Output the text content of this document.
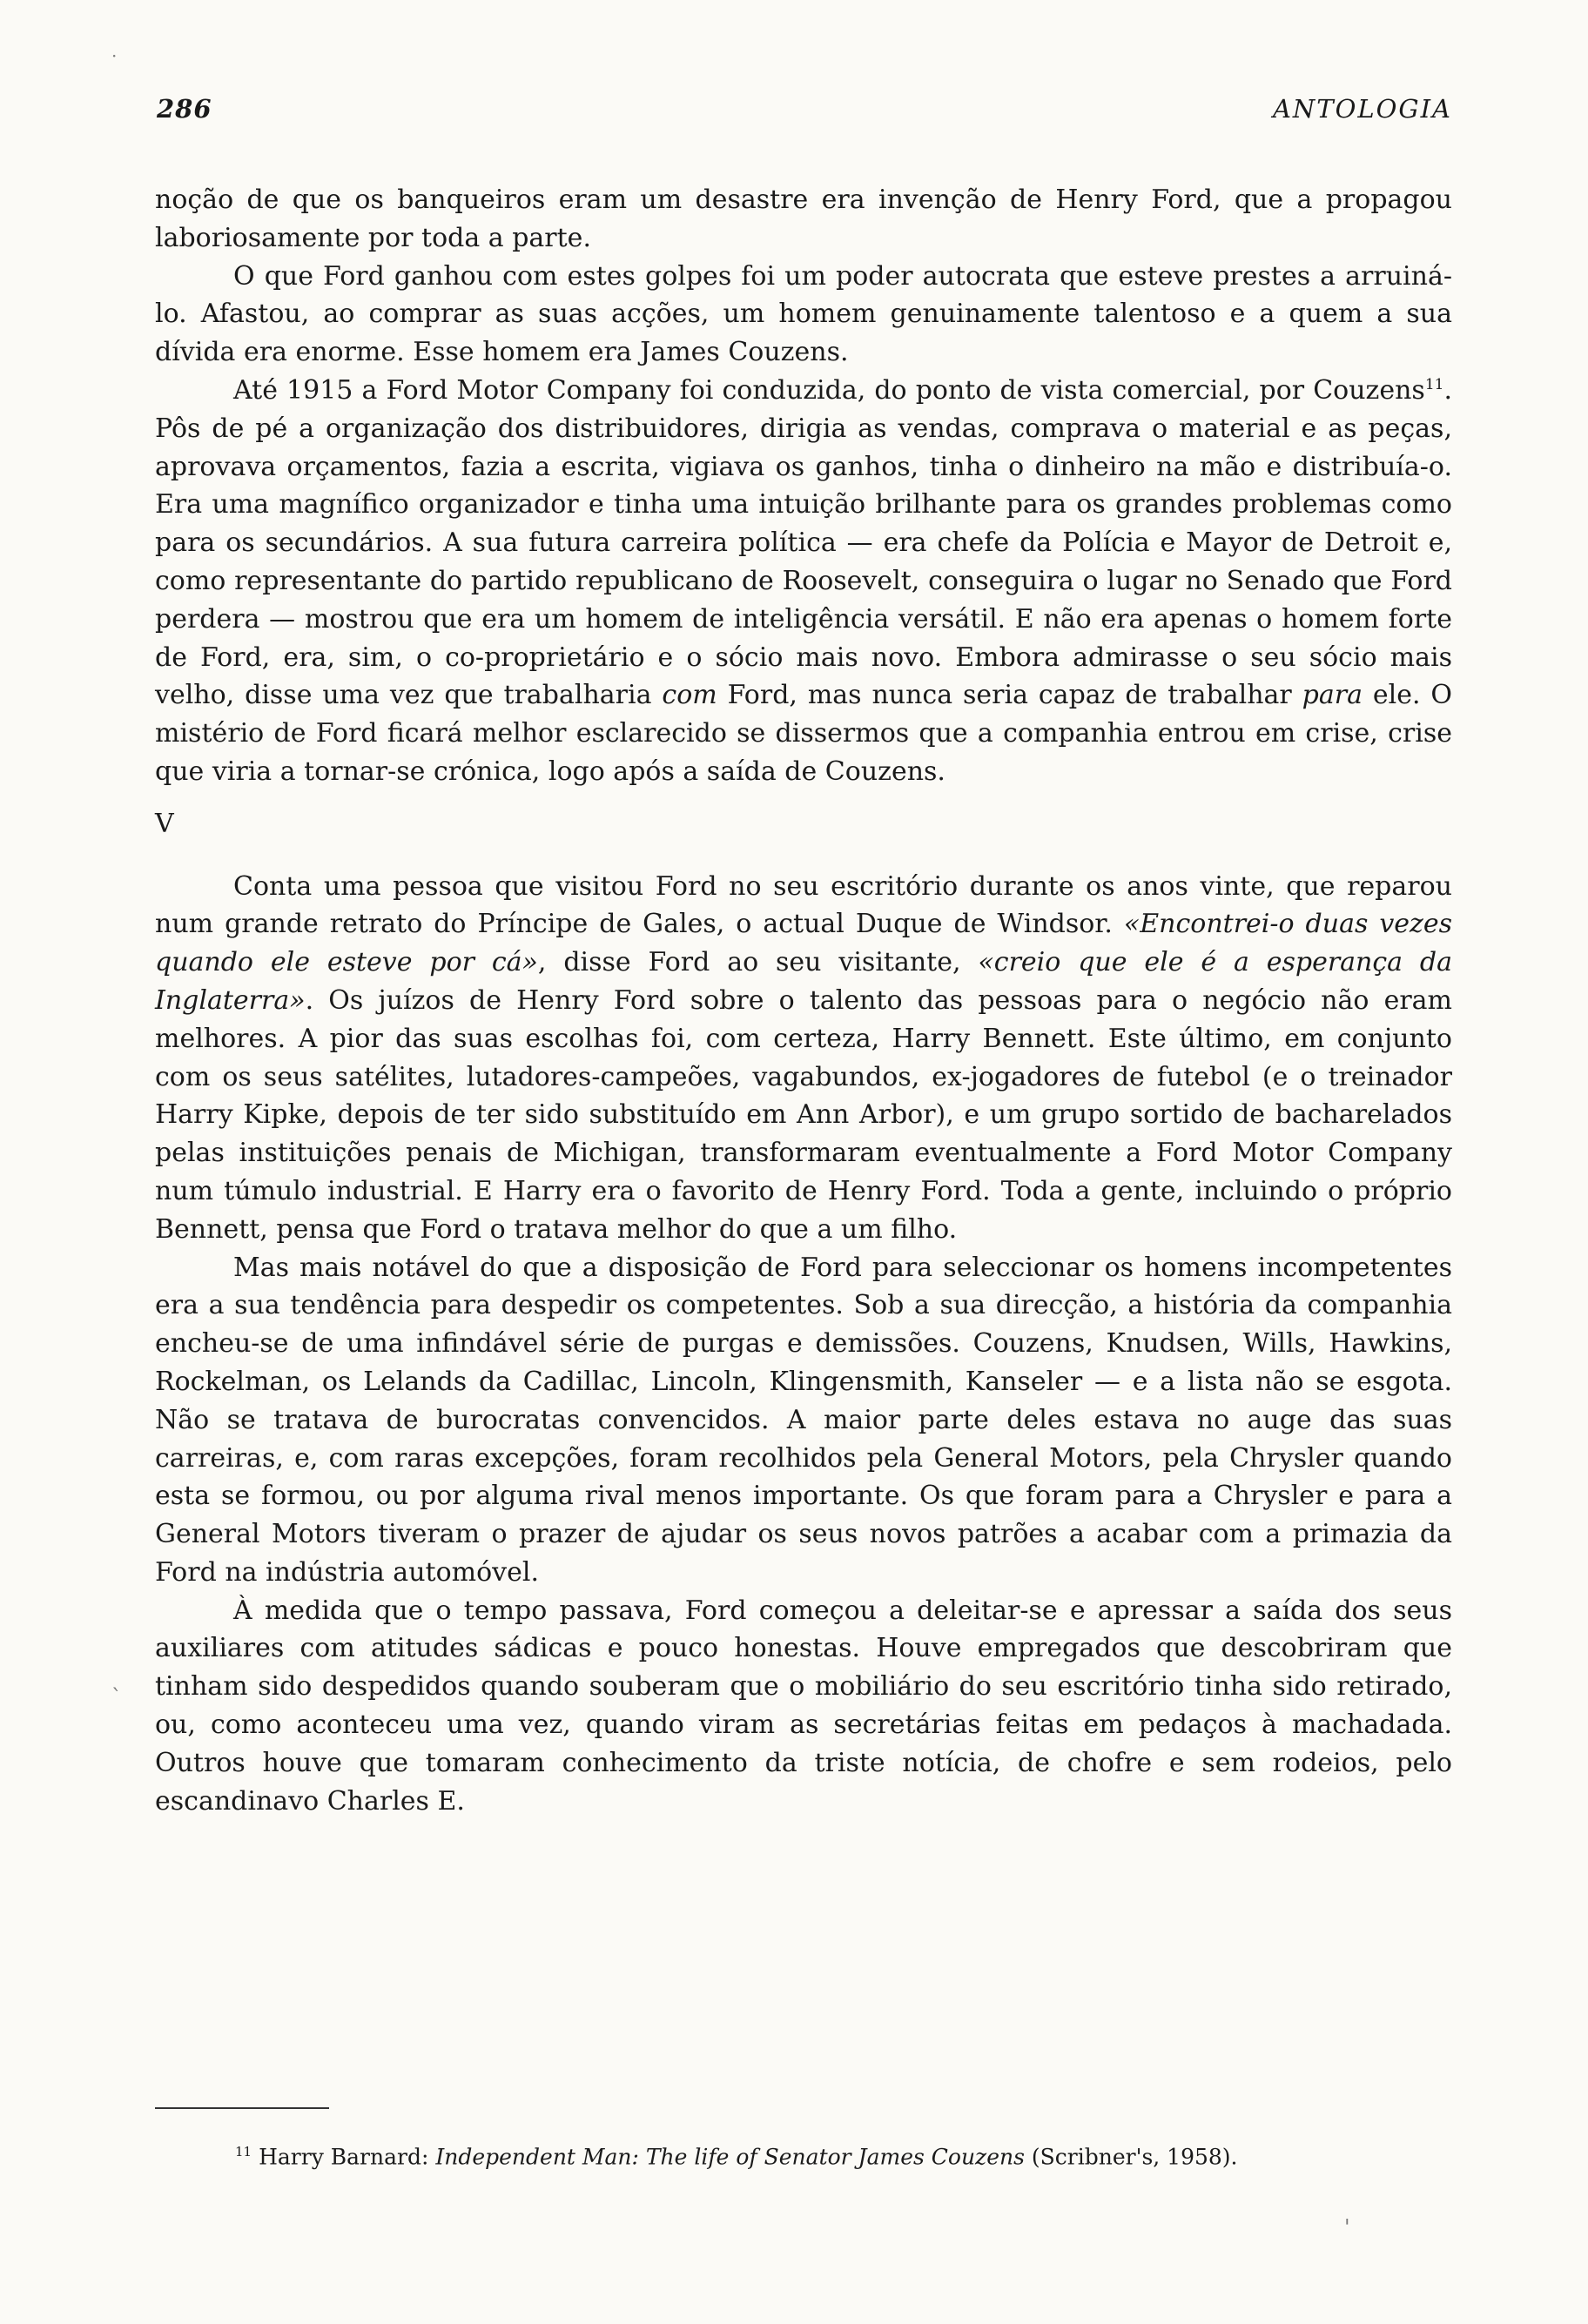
286	ANTOLOGIA

noção de que os banqueiros eram um desastre era invenção de Henry Ford, que a propagou laboriosamente por toda a parte.

O que Ford ganhou com estes golpes foi um poder autocrata que esteve prestes a arruiná-lo. Afastou, ao comprar as suas acções, um homem genuinamente talentoso e a quem a sua dívida era enorme. Esse homem era James Couzens.

Até 1915 a Ford Motor Company foi conduzida, do ponto de vista comercial, por Couzens$^{11}$. Pôs de pé a organização dos distribuidores, dirigia as vendas, comprava o material e as peças, aprovava orçamentos, fazia a escrita, vigiava os ganhos, tinha o dinheiro na mão e distribuía-o. Era uma magnífico organizador e tinha uma intuição brilhante para os grandes problemas como para os secundários. A sua futura carreira política — era chefe da Polícia e Mayor de Detroit e, como representante do partido republicano de Roosevelt, conseguira o lugar no Senado que Ford perdera — mostrou que era um homem de inteligência versátil. E não era apenas o homem forte de Ford, era, sim, o co-proprietário e o sócio mais novo. Embora admirasse o seu sócio mais velho, disse uma vez que trabalharia com Ford, mas nunca seria capaz de trabalhar para ele. O mistério de Ford ficará melhor esclarecido se dissermos que a companhia entrou em crise, crise que viria a tornar-se crónica, logo após a saída de Couzens.

V

Conta uma pessoa que visitou Ford no seu escritório durante os anos vinte, que reparou num grande retrato do Príncipe de Gales, o actual Duque de Windsor. «Encontrei-o duas vezes quando ele esteve por cá», disse Ford ao seu visitante, «creio que ele é a esperança da Inglaterra». Os juízos de Henry Ford sobre o talento das pessoas para o negócio não eram melhores. A pior das suas escolhas foi, com certeza, Harry Bennett. Este último, em conjunto com os seus satélites, lutadores-campeões, vagabundos, ex-jogadores de futebol (e o treinador Harry Kipke, depois de ter sido substituído em Ann Arbor), e um grupo sortido de bacharelados pelas instituições penais de Michigan, transformaram eventualmente a Ford Motor Company num túmulo industrial. E Harry era o favorito de Henry Ford. Toda a gente, incluindo o próprio Bennett, pensa que Ford o tratava melhor do que a um filho.

Mas mais notável do que a disposição de Ford para seleccionar os homens incompetentes era a sua tendência para despedir os competentes. Sob a sua direcção, a história da companhia encheu-se de uma infindável série de purgas e demissões. Couzens, Knudsen, Wills, Hawkins, Rockelman, os Lelands da Cadillac, Lincoln, Klingensmith, Kanseler — e a lista não se esgota. Não se tratava de burocratas convencidos. A maior parte deles estava no auge das suas carreiras, e, com raras excepções, foram recolhidos pela General Motors, pela Chrysler quando esta se formou, ou por alguma rival menos importante. Os que foram para a Chrysler e para a General Motors tiveram o prazer de ajudar os seus novos patrões a acabar com a primazia da Ford na indústria automóvel.

À medida que o tempo passava, Ford começou a deleitar-se e apressar a saída dos seus auxiliares com atitudes sádicas e pouco honestas. Houve empregados que descobriram que tinham sido despedidos quando souberam que o mobiliário do seu escritório tinha sido retirado, ou, como aconteceu uma vez, quando viram as secretárias feitas em pedaços à machadada. Outros houve que tomaram conhecimento da triste notícia, de chofre e sem rodeios, pelo escandinavo Charles E.

$^{11}$ Harry Barnard: Independent Man: The life of Senator James Couzens (Scribner's, 1958).
·
`
'
